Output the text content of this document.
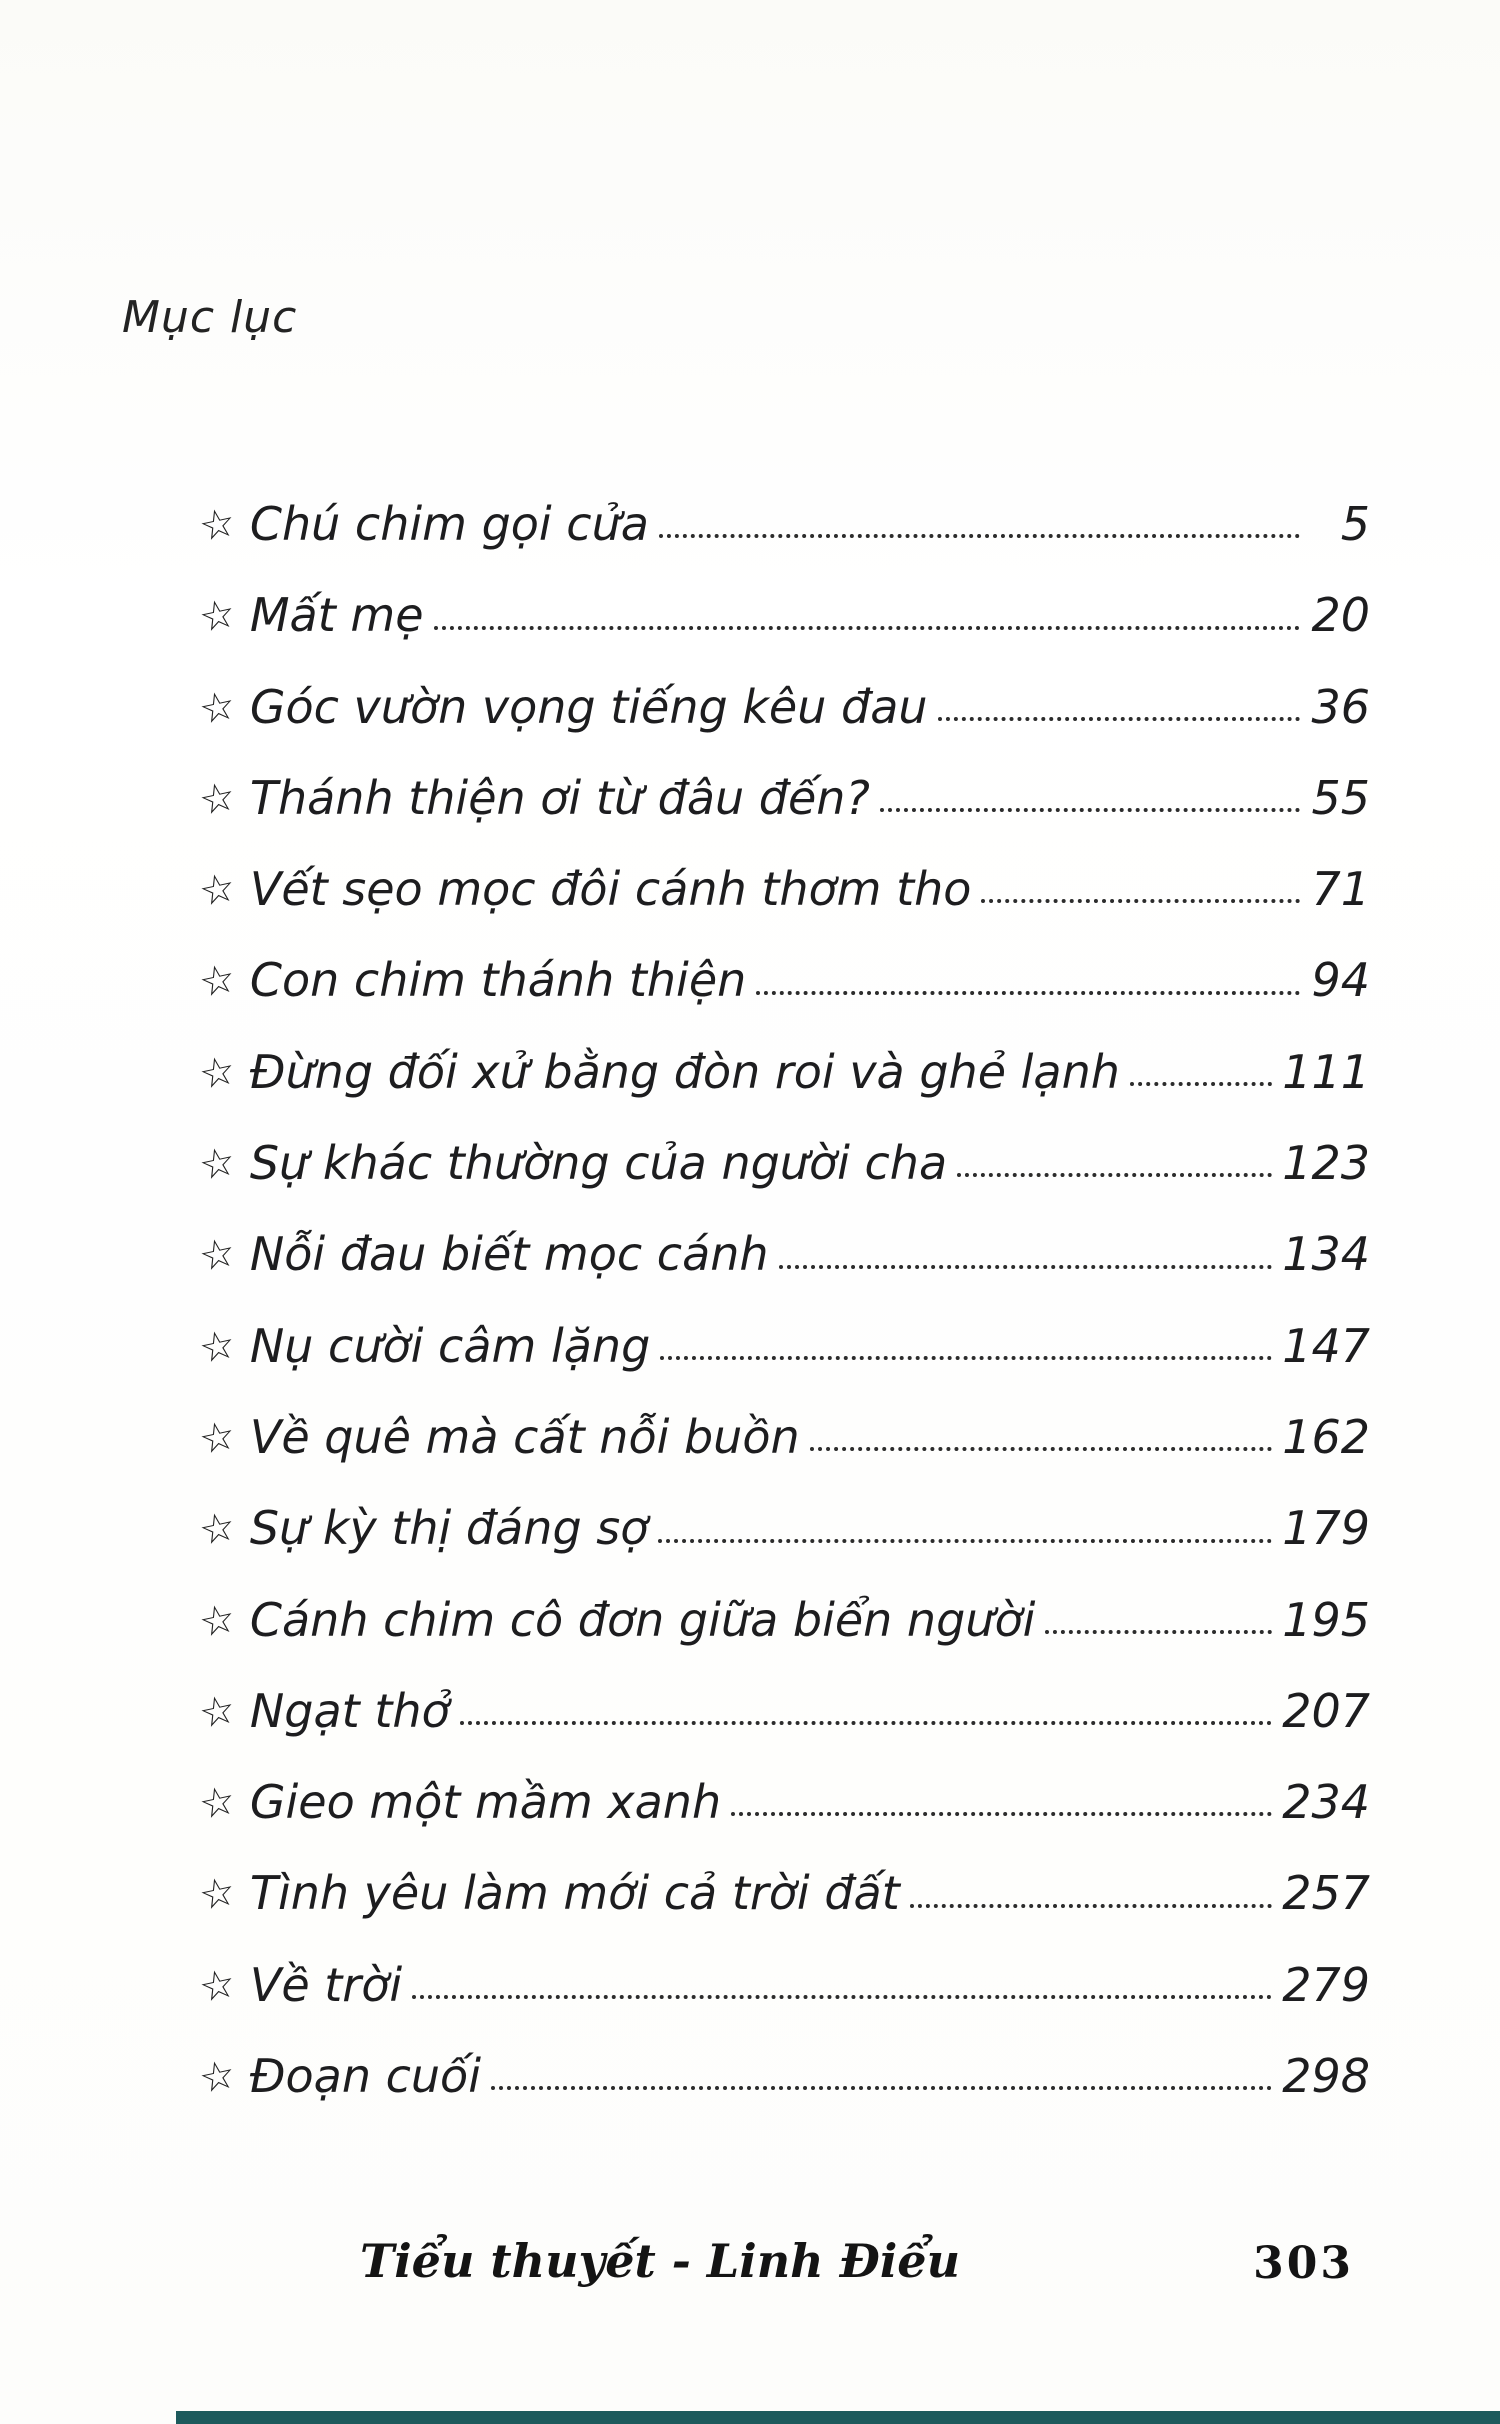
Mục lục
☆ Chú chim gọi cửa	5
☆ Mất mẹ	20
☆ Góc vườn vọng tiếng kêu đau	36
☆ Thánh thiện ơi từ đâu đến?	55
☆ Vết sẹo mọc đôi cánh thơm tho	71
☆ Con chim thánh thiện	94
☆ Đừng đối xử bằng đòn roi và ghẻ lạnh	111
☆ Sự khác thường của người cha	123
☆ Nỗi đau biết mọc cánh	134
☆ Nụ cười câm lặng	147
☆ Về quê mà cất nỗi buồn	162
☆ Sự kỳ thị đáng sợ	179
☆ Cánh chim cô đơn giữa biển người	195
☆ Ngạt thở	207
☆ Gieo một mầm xanh	234
☆ Tình yêu làm mới cả trời đất	257
☆ Về trời	279
☆ Đoạn cuối	298
Tiểu thuyết - Linh Điểu	303
